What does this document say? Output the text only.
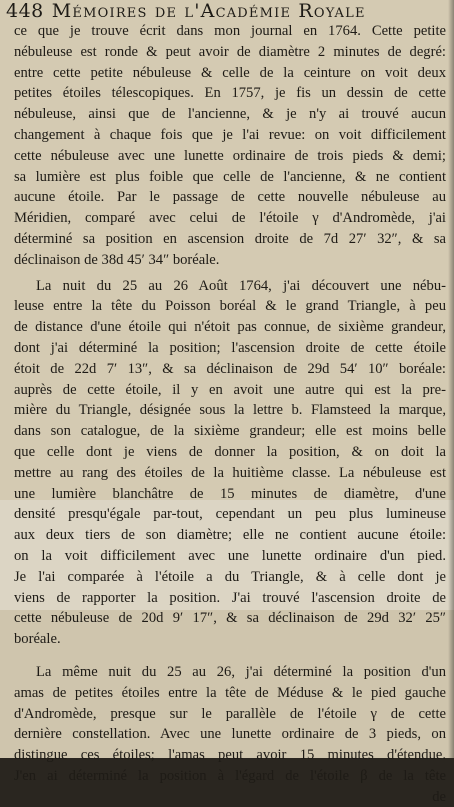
448 Mémoires de l'Académie Royale
ce que je trouve écrit dans mon journal en 1764. Cette petite
nébuleuse est ronde & peut avoir de diamètre 2 minutes de degré:
entre cette petite nébuleuse & celle de la ceinture on voit deux
petites étoiles télescopiques. En 1757, je fis un dessin de cette
nébuleuse, ainsi que de l'ancienne, & je n'y ai trouvé aucun
changement à chaque fois que je l'ai revue: on voit difficilement
cette nébuleuse avec une lunette ordinaire de trois pieds & demi;
sa lumière est plus foible que celle de l'ancienne, & ne contient
aucune étoile. Par le passage de cette nouvelle nébuleuse au
Méridien, comparé avec celui de l'étoile γ d'Andromède, j'ai
déterminé sa position en ascension droite de 7d 27′ 32″, & sa
déclinaison de 38d 45′ 34″ boréale.
La nuit du 25 au 26 Août 1764, j'ai découvert une nébu-
leuse entre la tête du Poisson boréal & le grand Triangle, à peu
de distance d'une étoile qui n'étoit pas connue, de sixième grandeur,
dont j'ai déterminé la position; l'ascension droite de cette étoile
étoit de 22d 7′ 13″, & sa déclinaison de 29d 54′ 10″ boréale:
auprès de cette étoile, il y en avoit une autre qui est la pre-
mière du Triangle, désignée sous la lettre b. Flamsteed la marque,
dans son catalogue, de la sixième grandeur; elle est moins belle
que celle dont je viens de donner la position, & on doit la
mettre au rang des étoiles de la huitième classe. La nébuleuse est
une lumière blanchâtre de 15 minutes de diamètre, d'une
densité presqu'égale par-tout, cependant un peu plus lumineuse
aux deux tiers de son diamètre; elle ne contient aucune étoile:
on la voit difficilement avec une lunette ordinaire d'un pied.
Je l'ai comparée à l'étoile a du Triangle, & à celle dont je
viens de rapporter la position. J'ai trouvé l'ascension droite de
cette nébuleuse de 20d 9′ 17″, & sa déclinaison de 29d 32′ 25″
boréale.
La même nuit du 25 au 26, j'ai déterminé la position d'un
amas de petites étoiles entre la tête de Méduse & le pied gauche
d'Andromède, presque sur le parallèle de l'étoile γ de cette
dernière constellation. Avec une lunette ordinaire de 3 pieds, on
distingue ces étoiles; l'amas peut avoir 15 minutes d'étendue.
J'en ai déterminé la position à l'égard de l'étoile β de la tête
de
